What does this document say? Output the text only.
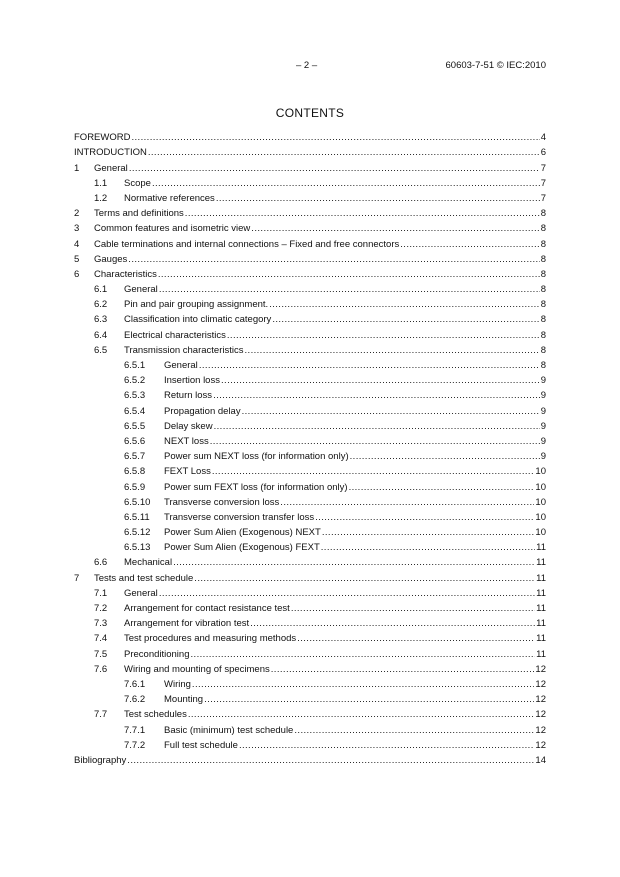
– 2 –	60603-7-51 © IEC:2010
CONTENTS
FOREWORD .....	4
INTRODUCTION .....	6
1	General .....	7
1.1	Scope .....	7
1.2	Normative references .....	7
2	Terms and definitions .....	8
3	Common features and isometric view .....	8
4	Cable terminations and internal connections – Fixed and free connectors .....	8
5	Gauges .....	8
6	Characteristics .....	8
6.1	General .....	8
6.2	Pin and pair grouping assignment. .....	8
6.3	Classification into climatic category .....	8
6.4	Electrical characteristics .....	8
6.5	Transmission characteristics .....	8
6.5.1	General .....	8
6.5.2	Insertion loss .....	9
6.5.3	Return loss .....	9
6.5.4	Propagation delay .....	9
6.5.5	Delay skew .....	9
6.5.6	NEXT loss .....	9
6.5.7	Power sum NEXT loss (for information only) .....	9
6.5.8	FEXT Loss .....	10
6.5.9	Power sum FEXT loss (for information only) .....	10
6.5.10	Transverse conversion loss .....	10
6.5.11	Transverse conversion transfer loss .....	10
6.5.12	Power Sum Alien (Exogenous) NEXT .....	10
6.5.13	Power Sum Alien (Exogenous) FEXT .....	11
6.6	Mechanical .....	11
7	Tests and test schedule .....	11
7.1	General .....	11
7.2	Arrangement for contact resistance test .....	11
7.3	Arrangement for vibration test .....	11
7.4	Test procedures and measuring methods .....	11
7.5	Preconditioning .....	11
7.6	Wiring and mounting of specimens .....	12
7.6.1	Wiring .....	12
7.6.2	Mounting .....	12
7.7	Test schedules .....	12
7.7.1	Basic (minimum) test schedule .....	12
7.7.2	Full test schedule .....	12
Bibliography .....	14
